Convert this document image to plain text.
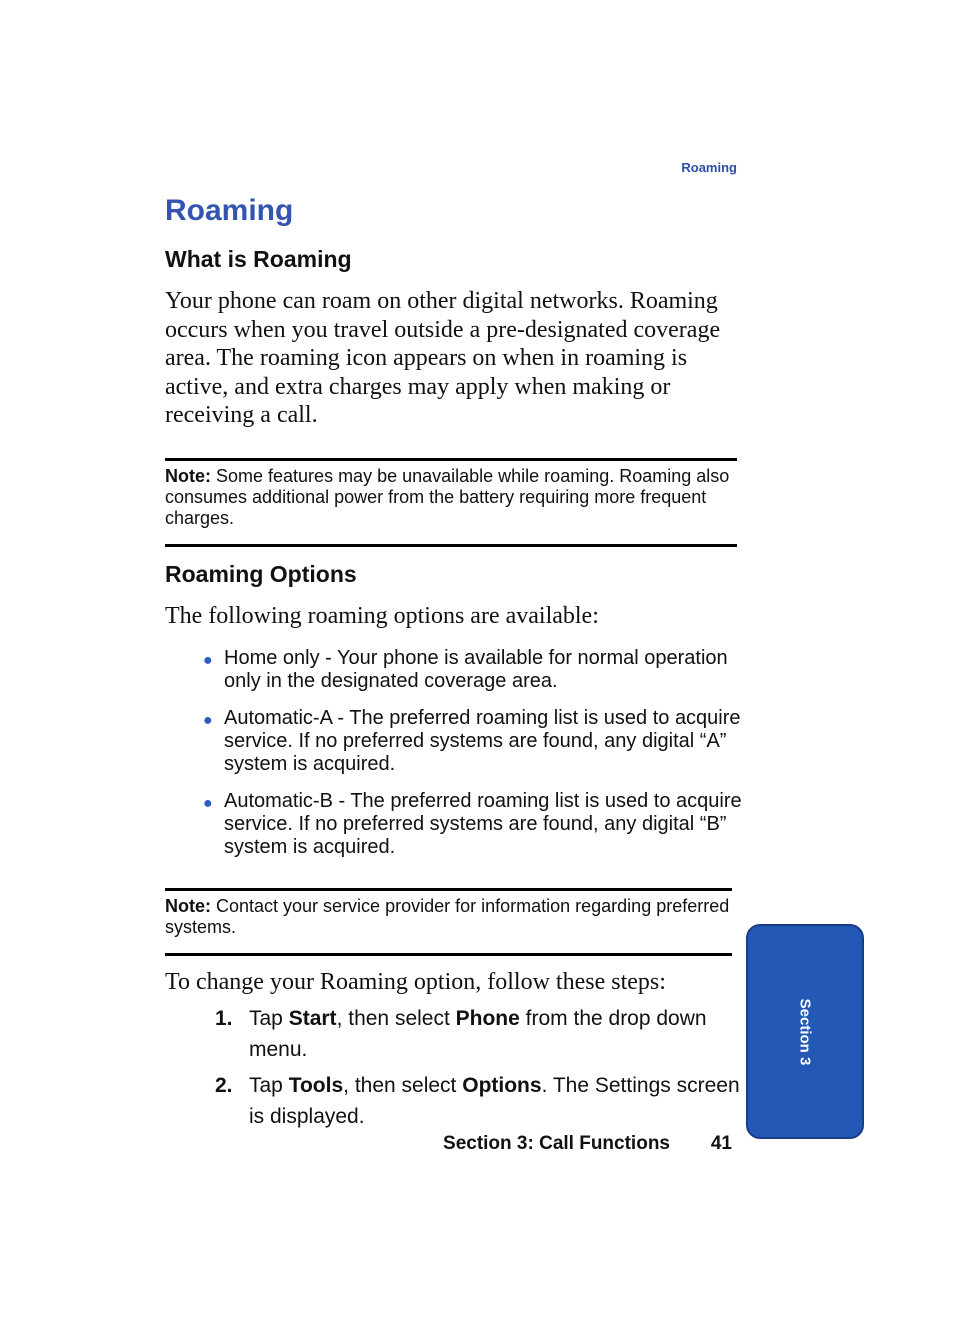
Roaming
Roaming
What is Roaming

Your phone can roam on other digital networks. Roaming occurs when you travel outside a pre-designated coverage area. The roaming icon appears on when in roaming is active, and extra charges may apply when making or receiving a call.

Note: Some features may be unavailable while roaming. Roaming also consumes additional power from the battery requiring more frequent charges.

Roaming Options

The following roaming options are available:

● Home only - Your phone is available for normal operation only in the designated coverage area.
● Automatic-A - The preferred roaming list is used to acquire service. If no preferred systems are found, any digital “A” system is acquired.
● Automatic-B - The preferred roaming list is used to acquire service. If no preferred systems are found, any digital “B” system is acquired.

Note: Contact your service provider for information regarding preferred systems.

To change your Roaming option, follow these steps:

1. Tap Start, then select Phone from the drop down menu.
2. Tap Tools, then select Options. The Settings screen is displayed.
Section 3: Call Functions	41
Section 3
